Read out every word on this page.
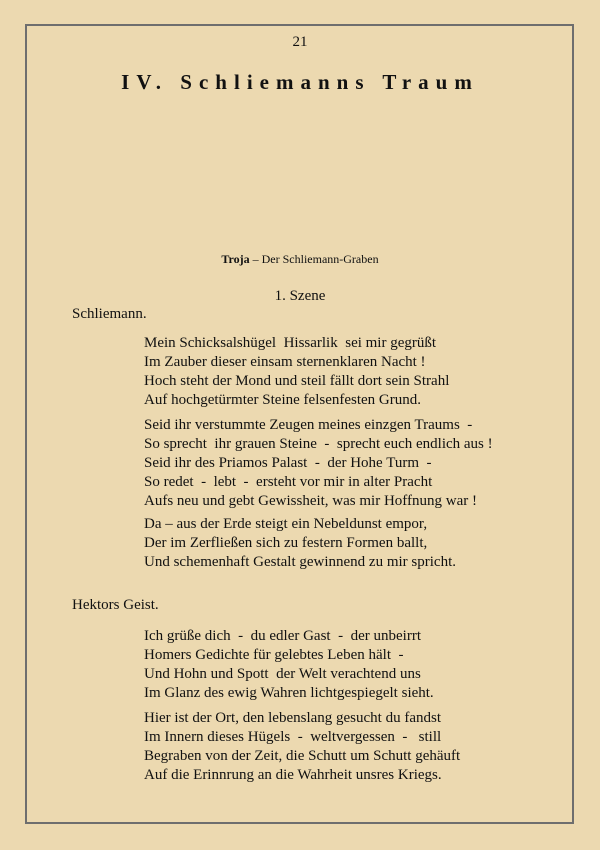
21
IV. Schliemanns Traum
Troja – Der Schliemann-Graben
1. Szene
Schliemann.
Mein Schicksalshügel  Hissarlik  sei mir gegrüßt
Im Zauber dieser einsam sternenklaren Nacht !
Hoch steht der Mond und steil fällt dort sein Strahl
Auf hochgetürmter Steine felsenfesten Grund.
Seid ihr verstummte Zeugen meines einzgen Traums  -
So sprecht  ihr grauen Steine  -  sprecht euch endlich aus !
Seid ihr des Priamos Palast  -  der Hohe Turm  -
So redet  -  lebt  -  ersteht vor mir in alter Pracht
Aufs neu und gebt Gewissheit, was mir Hoffnung war !
Da – aus der Erde steigt ein Nebeldunst empor,
Der im Zerfließen sich zu festern Formen ballt,
Und schemenhaft Gestalt gewinnend zu mir spricht.
Hektors Geist.
Ich grüße dich  -  du edler Gast  -  der unbeirrt
Homers Gedichte für gelebtes Leben hält  -
Und Hohn und Spott  der Welt verachtend uns
Im Glanz des ewig Wahren lichtgespiegelt sieht.
Hier ist der Ort, den lebenslang gesucht du fandst
Im Innern dieses Hügels  -  weltvergessen  -   still
Begraben von der Zeit, die Schutt um Schutt gehäuft
Auf die Erinnrung an die Wahrheit unsres Kriegs.
